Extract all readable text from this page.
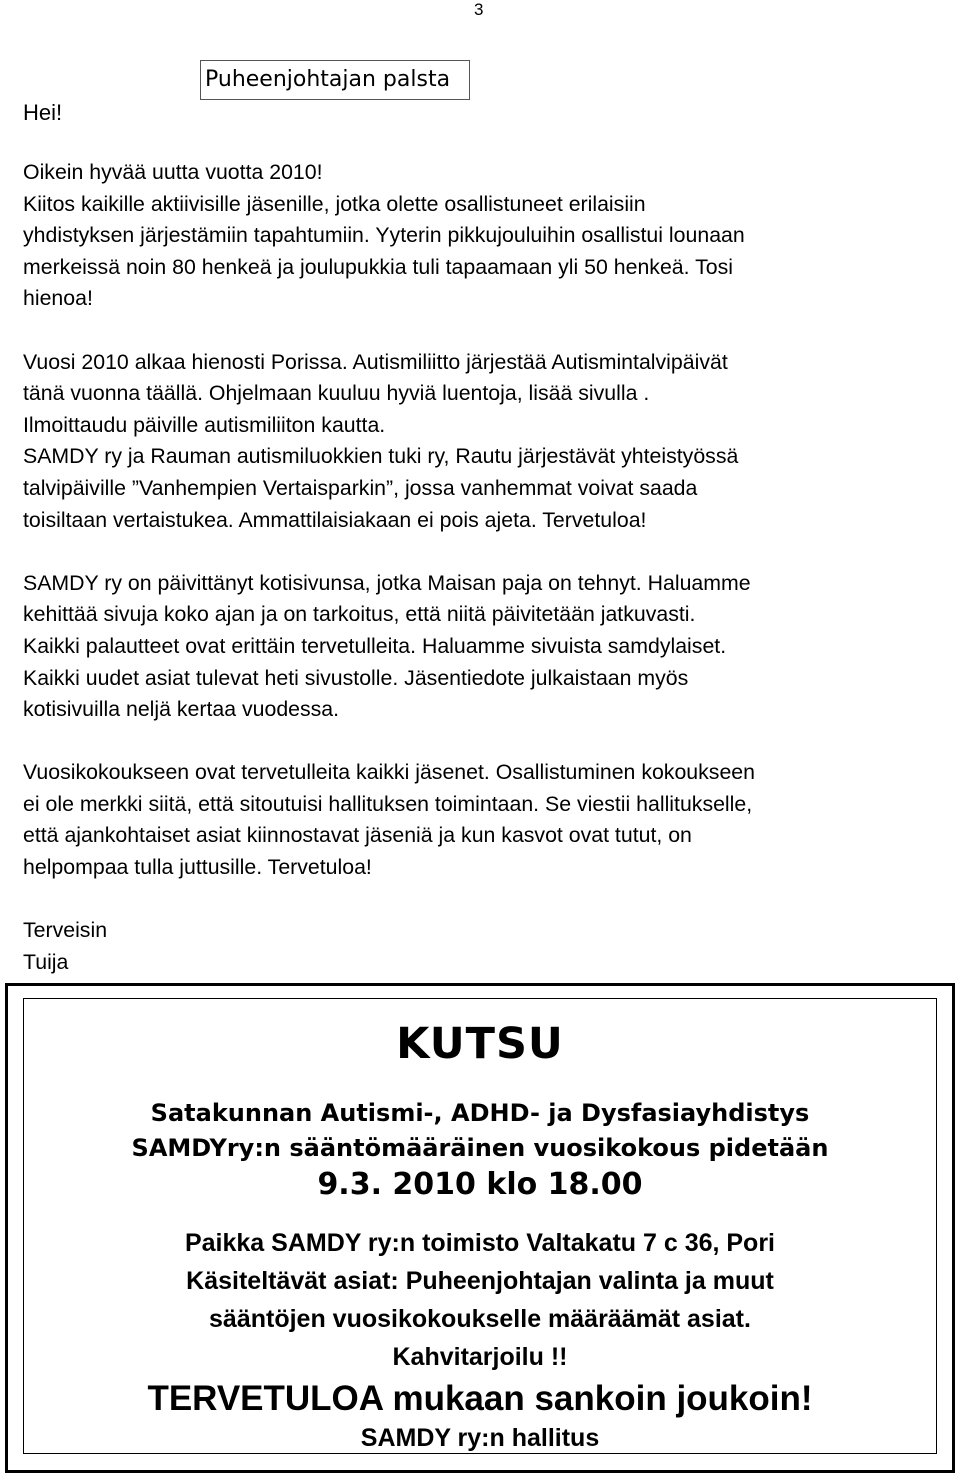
3
Puheenjohtajan palsta
Hei!

Oikein hyvää uutta vuotta 2010!
Kiitos kaikille aktiivisille jäsenille, jotka olette osallistuneet erilaisiin
yhdistyksen järjestämiin tapahtumiin. Yyterin pikkujouluihin osallistui lounaan
merkeissä noin 80 henkeä ja joulupukkia tuli tapaamaan yli 50 henkeä. Tosi
hienoa!

Vuosi 2010 alkaa hienosti Porissa. Autismiliitto järjestää Autismintalvipäivät
tänä vuonna täällä. Ohjelmaan kuuluu hyviä luentoja, lisää sivulla .
Ilmoittaudu päiville autismiliiton kautta.
SAMDY ry ja Rauman autismiluokkien tuki ry, Rautu järjestävät yhteistyössä
talvipäiville ”Vanhempien Vertaisparkin”, jossa vanhemmat voivat saada
toisiltaan vertaistukea. Ammattilaisiakaan ei pois ajeta. Tervetuloa!

SAMDY ry on päivittänyt kotisivunsa, jotka Maisan paja on tehnyt. Haluamme
kehittää sivuja koko ajan ja on tarkoitus, että niitä päivitetään jatkuvasti.
Kaikki palautteet ovat erittäin tervetulleita. Haluamme sivuista samdylaiset.
Kaikki uudet asiat tulevat heti sivustolle. Jäsentiedote julkaistaan myös
kotisivuilla neljä kertaa vuodessa.

Vuosikokoukseen ovat tervetulleita kaikki jäsenet. Osallistuminen kokoukseen
ei ole merkki siitä, että sitoutuisi hallituksen toimintaan. Se viestii hallitukselle,
että ajankohtaiset asiat kiinnostavat jäseniä ja kun kasvot ovat tutut, on
helpompaa tulla juttusille. Tervetuloa!

Terveisin
Tuija

KUTSU
Satakunnan Autismi-, ADHD- ja Dysfasiayhdistys
SAMDYry:n sääntömääräinen vuosikokous pidetään
9.3. 2010 klo 18.00
Paikka SAMDY ry:n toimisto Valtakatu 7 c 36, Pori
Käsiteltävät asiat: Puheenjohtajan valinta ja muut
sääntöjen vuosikokoukselle määräämät asiat.
Kahvitarjoilu !!
TERVETULOA mukaan sankoin joukoin!
SAMDY ry:n hallitus
